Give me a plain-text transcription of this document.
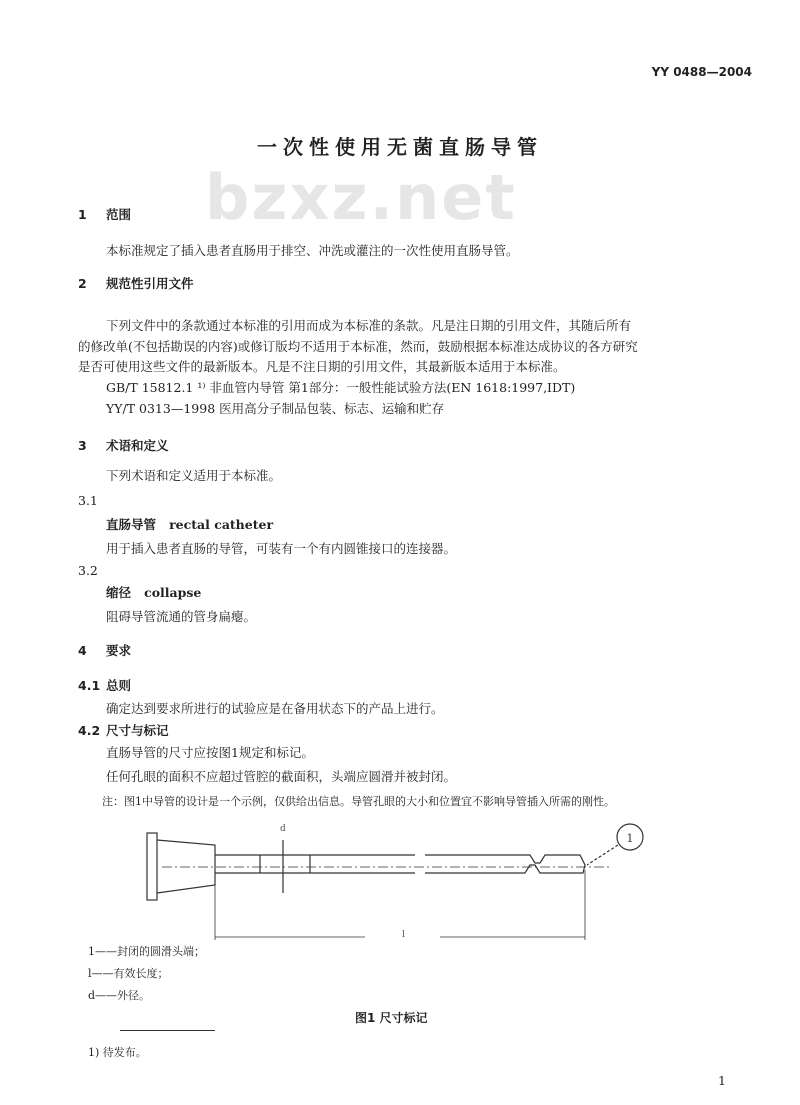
YY 0488—2004
一次性使用无菌直肠导管
bzxz.net
1 范围
本标准规定了插入患者直肠用于排空、冲洗或灌注的一次性使用直肠导管。
2 规范性引用文件
下列文件中的条款通过本标准的引用而成为本标准的条款。凡是注日期的引用文件，其随后所有
的修改单(不包括勘误的内容)或修订版均不适用于本标准，然而，鼓励根据本标准达成协议的各方研究
是否可使用这些文件的最新版本。凡是不注日期的引用文件，其最新版本适用于本标准。
GB/T 15812.1 ¹⁾ 非血管内导管 第1部分：一般性能试验方法(EN 1618:1997,IDT)
YY/T 0313—1998 医用高分子制品包装、标志、运输和贮存
3 术语和定义
下列术语和定义适用于本标准。
3.1
直肠导管 rectal catheter
用于插入患者直肠的导管，可装有一个有内圆锥接口的连接器。
3.2
缩径 collapse
阻碍导管流通的管身扁瘪。
4 要求
4.1 总则
确定达到要求所进行的试验应是在备用状态下的产品上进行。
4.2 尺寸与标记
直肠导管的尺寸应按图1规定和标记。
任何孔眼的面积不应超过管腔的截面积，头端应圆滑并被封闭。
注：图1中导管的设计是一个示例，仅供给出信息。导管孔眼的大小和位置宜不影响导管插入所需的刚性。
1
d
l
1——封闭的圆滑头端；
l——有效长度；
d——外径。
图1 尺寸标记
1) 待发布。
1
